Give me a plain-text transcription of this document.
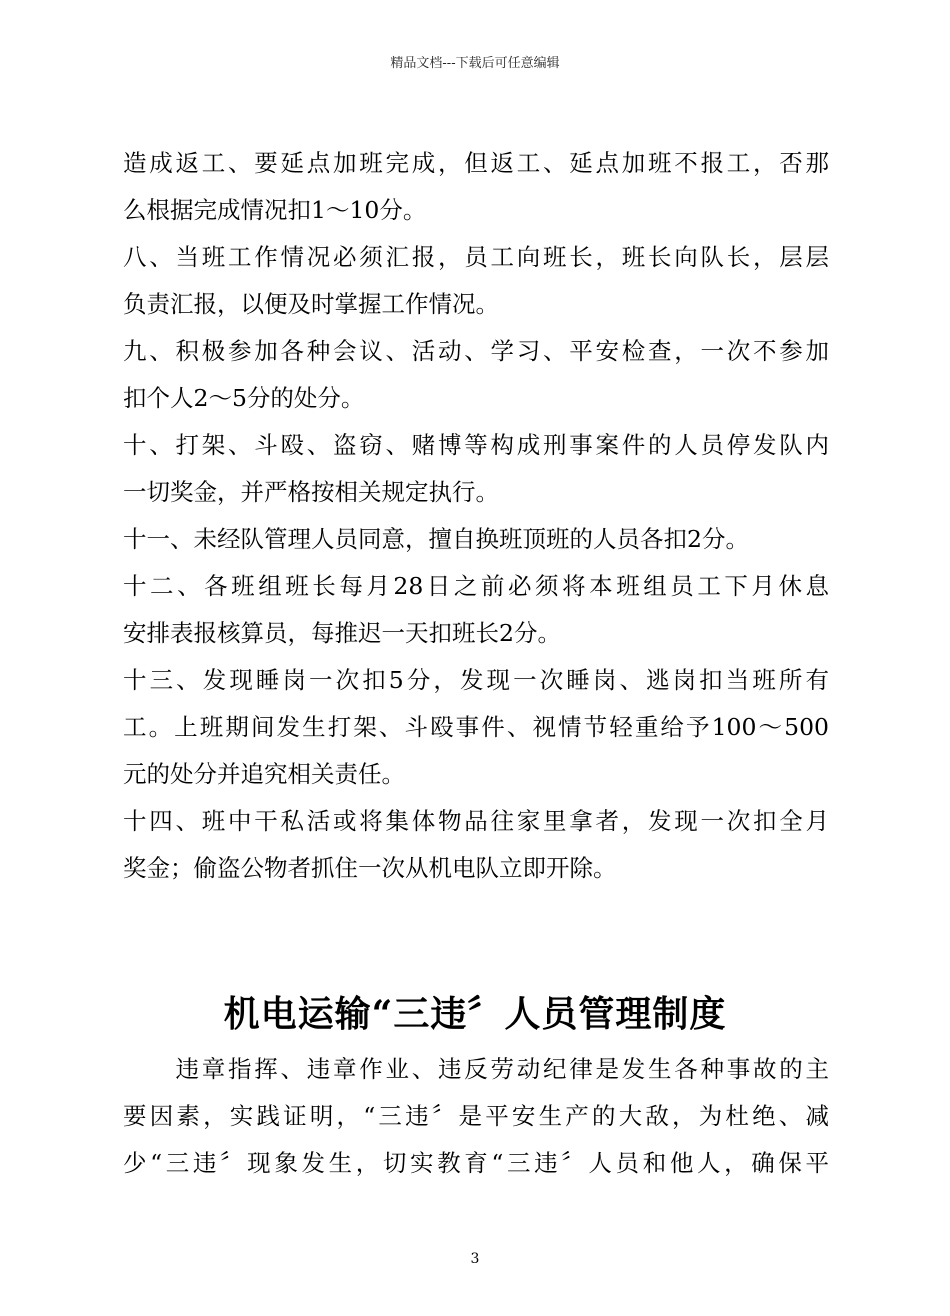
精品文档---下载后可任意编辑
造成返工、要延点加班完成，但返工、延点加班不报工，否那
么根据完成情况扣1～10分。
八、当班工作情况必须汇报，员工向班长，班长向队长，层层
负责汇报，以便及时掌握工作情况。
九、积极参加各种会议、活动、学习、平安检查，一次不参加
扣个人2～5分的处分。
十、打架、斗殴、盗窃、赌博等构成刑事案件的人员停发队内
一切奖金，并严格按相关规定执行。
十一、未经队管理人员同意，擅自换班顶班的人员各扣2分。
十二、各班组班长每月28日之前必须将本班组员工下月休息
安排表报核算员，每推迟一天扣班长2分。
十三、发现睡岗一次扣5分，发现一次睡岗、逃岗扣当班所有
工。上班期间发生打架、斗殴事件、视情节轻重给予100～500
元的处分并追究相关责任。
十四、班中干私活或将集体物品往家里拿者，发现一次扣全月
奖金；偷盗公物者抓住一次从机电队立即开除。
机电运输“三违〞人员管理制度
　　违章指挥、违章作业、违反劳动纪律是发生各种事故的主
要因素，实践证明，“三违〞是平安生产的大敌，为杜绝、减
少“三违〞现象发生，切实教育“三违〞人员和他人，确保平
3
